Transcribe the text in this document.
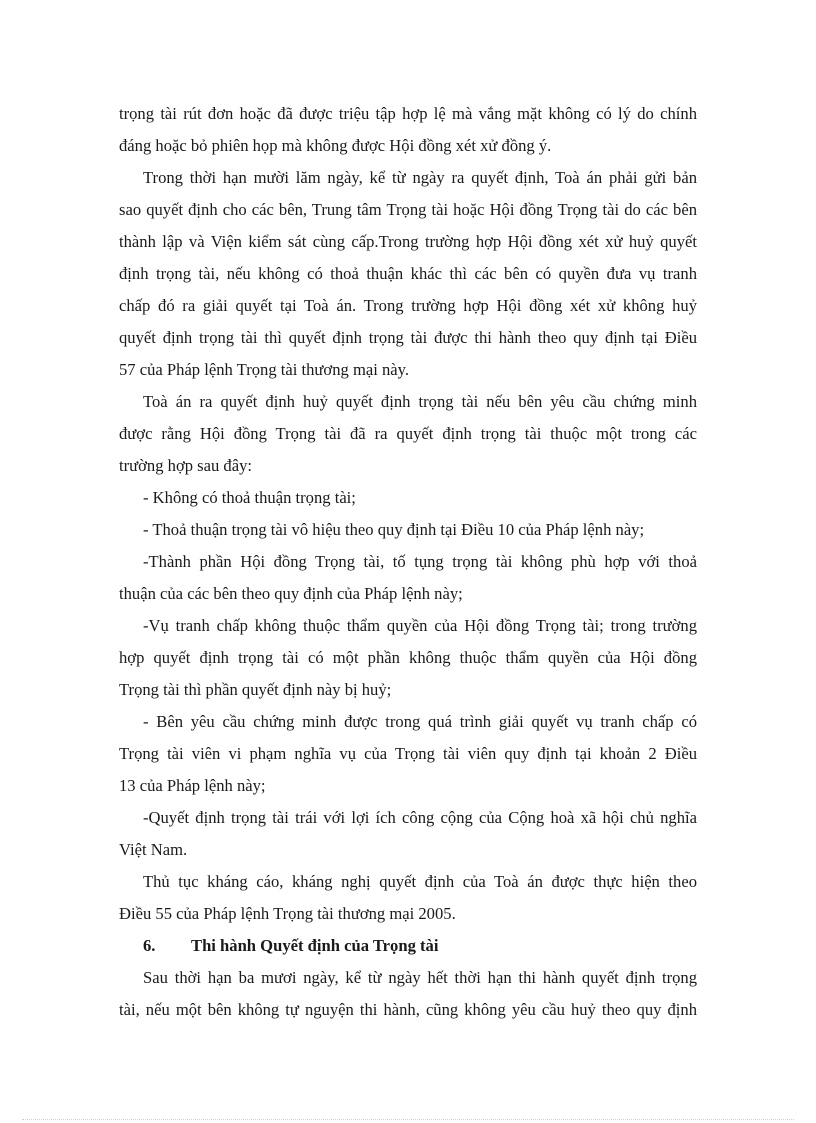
trọng tài rút đơn hoặc đã được triệu tập hợp lệ mà vắng mặt không có lý do chính
đáng hoặc bỏ phiên họp mà không được Hội đồng xét xử đồng ý.
Trong thời hạn mười lăm ngày, kể từ ngày ra quyết định, Toà án phải gửi bản
sao quyết định cho các bên, Trung tâm Trọng tài hoặc Hội đồng Trọng tài do các bên
thành lập và Viện kiểm sát cùng cấp.Trong trường hợp Hội đồng xét xử huỷ quyết
định trọng tài, nếu không có thoả thuận khác thì các bên có quyền đưa vụ tranh
chấp đó ra giải quyết tại Toà án. Trong trường hợp Hội đồng xét xử không huỷ
quyết định trọng tài thì quyết định trọng tài được thi hành theo quy định tại Điều
57 của Pháp lệnh Trọng tài thương mại này.
Toà án ra quyết định huỷ quyết định trọng tài nếu bên yêu cầu chứng minh
được rằng Hội đồng Trọng tài đã ra quyết định trọng tài thuộc một trong các
trường hợp sau đây:
- Không có thoả thuận trọng tài;
- Thoả thuận trọng tài vô hiệu theo quy định tại Điều 10 của Pháp lệnh này;
-Thành phần Hội đồng Trọng tài, tố tụng trọng tài không phù hợp với thoả
thuận của các bên theo quy định của Pháp lệnh này;
-Vụ tranh chấp không thuộc thẩm quyền của Hội đồng Trọng tài; trong trường
hợp quyết định trọng tài có một phần không thuộc thẩm quyền của Hội đồng
Trọng tài thì phần quyết định này bị huỷ;
- Bên yêu cầu chứng minh được trong quá trình giải quyết vụ tranh chấp có
Trọng tài viên vi phạm nghĩa vụ của Trọng tài viên quy định tại khoản 2 Điều
13 của Pháp lệnh này;
-Quyết định trọng tài trái với lợi ích công cộng của Cộng hoà xã hội chủ nghĩa
Việt Nam.
Thủ tục kháng cáo, kháng nghị quyết định của Toà án được thực hiện theo
Điều 55 của Pháp lệnh Trọng tài thương mại 2005.
6. Thi hành Quyết định của Trọng tài
Sau thời hạn ba mươi ngày, kể từ ngày hết thời hạn thi hành quyết định trọng
tài, nếu một bên không tự nguyện thi hành, cũng không yêu cầu huỷ theo quy định
